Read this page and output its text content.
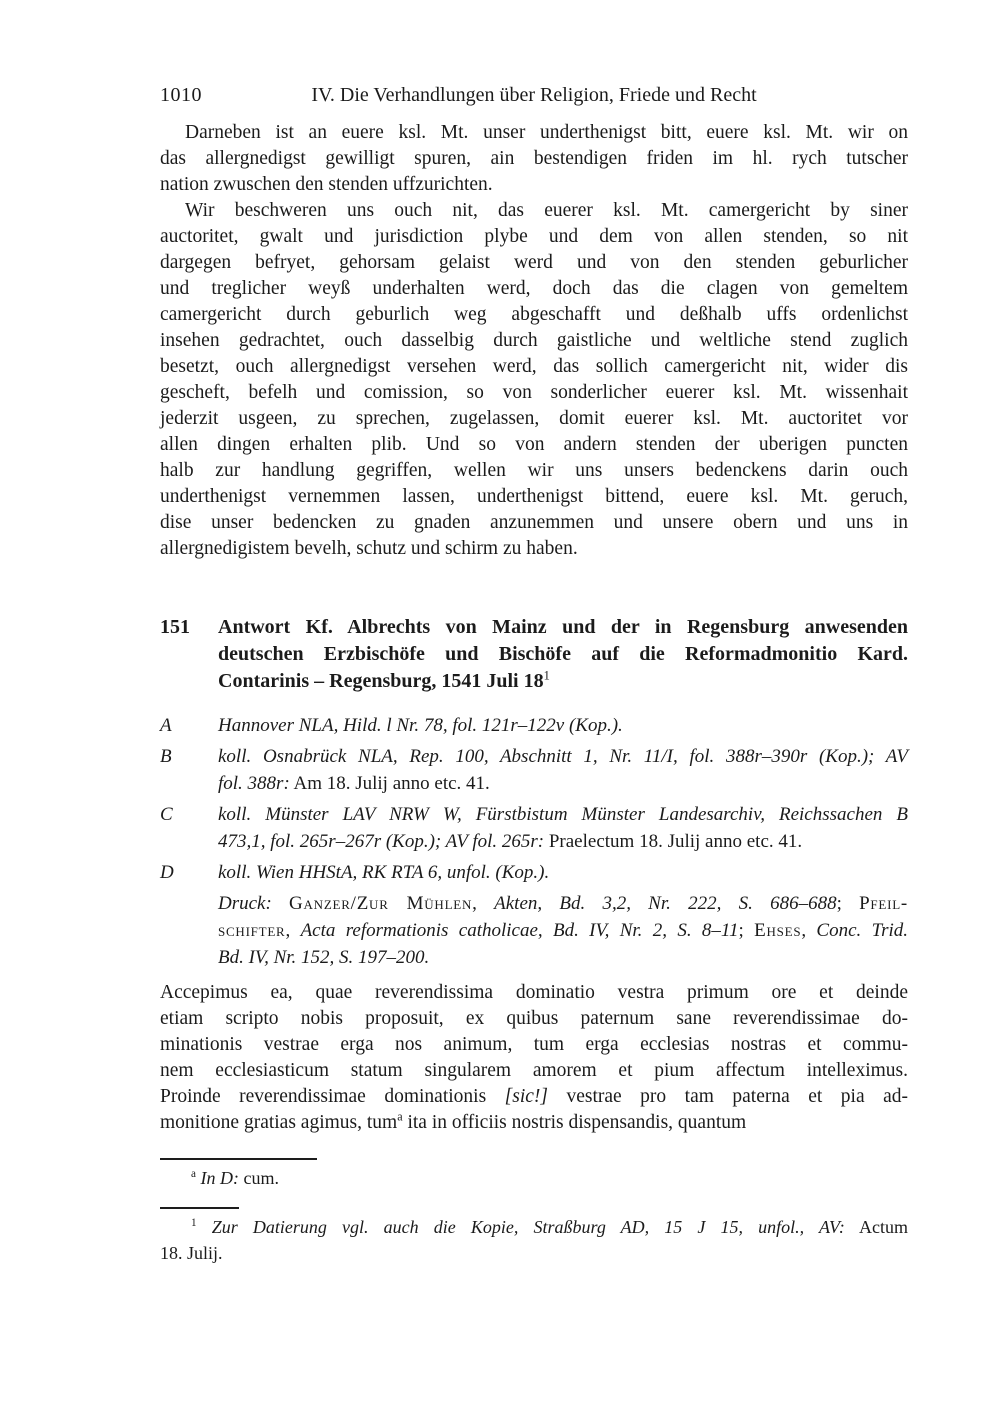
1010	IV. Die Verhandlungen über Religion, Friede und Recht
Darneben ist an euere ksl. Mt. unser underthenigst bitt, euere ksl. Mt. wir on
das allergnedigst gewilligt spuren, ain bestendigen friden im hl. rych tutscher
nation zwuschen den stenden uffzurichten.
Wir beschweren uns ouch nit, das euerer ksl. Mt. camergericht by siner
auctoritet, gwalt und jurisdiction plybe und dem von allen stenden, so nit
dargegen befryet, gehorsam gelaist werd und von den stenden geburlicher
und treglicher weyß underhalten werd, doch das die clagen von gemeltem
camergericht durch geburlich weg abgeschafft und deßhalb uffs ordenlichst
insehen gedrachtet, ouch dasselbig durch gaistliche und weltliche stend zuglich
besetzt, ouch allergnedigst versehen werd, das sollich camergericht nit, wider dis
gescheft, befelh und comission, so von sonderlicher euerer ksl. Mt. wissenhait
jederzit usgeen, zu sprechen, zugelassen, domit euerer ksl. Mt. auctoritet vor
allen dingen erhalten plib. Und so von andern stenden der uberigen puncten
halb zur handlung gegriffen, wellen wir uns unsers bedenckens darin ouch
underthenigst vernemmen lassen, underthenigst bittend, euere ksl. Mt. geruch,
dise unser bedencken zu gnaden anzunemmen und unsere obern und uns in
allergnedigistem bevelh, schutz und schirm zu haben.
151	Antwort Kf. Albrechts von Mainz und der in Regensburg anwesenden
deutschen Erzbischöfe und Bischöfe auf die Reformadmonitio Kard.
Contarinis – Regensburg, 1541 Juli $18^1$
A	Hannover NLA, Hild. l Nr. 78, fol. 121r–122v (Kop.).
B	koll. Osnabrück NLA, Rep. 100, Abschnitt 1, Nr. 11/I, fol. 388r–390r (Kop.); AV
fol. 388r: Am 18. Julij anno etc. 41.
C	koll. Münster LAV NRW W, Fürstbistum Münster Landesarchiv, Reichssachen B
473,1, fol. 265r–267r (Kop.); AV fol. 265r: Praelectum 18. Julij anno etc. 41.
D	koll. Wien HHStA, RK RTA 6, unfol. (Kop.).
Druck: Ganzer/Zur Mühlen, Akten, Bd. 3,2, Nr. 222, S. 686–688; Pfeil-
schifter, Acta reformationis catholicae, Bd. IV, Nr. 2, S. 8–11; Ehses, Conc. Trid.
Bd. IV, Nr. 152, S. 197–200.
Accepimus ea, quae reverendissima dominatio vestra primum ore et deinde
etiam scripto nobis proposuit, ex quibus paternum sane reverendissimae do-
minationis vestrae erga nos animum, tum erga ecclesias nostras et commu-
nem ecclesiasticum statum singularem amorem et pium affectum intelleximus.
Proinde reverendissimae dominationis [sic!] vestrae pro tam paterna et pia ad-
monitione gratias agimus, tum$^a$ ita in officiis nostris dispensandis, quantum
$^a$ In D: cum.
$^1$ Zur Datierung vgl. auch die Kopie, Straßburg AD, 15 J 15, unfol., AV: Actum
18. Julij.
